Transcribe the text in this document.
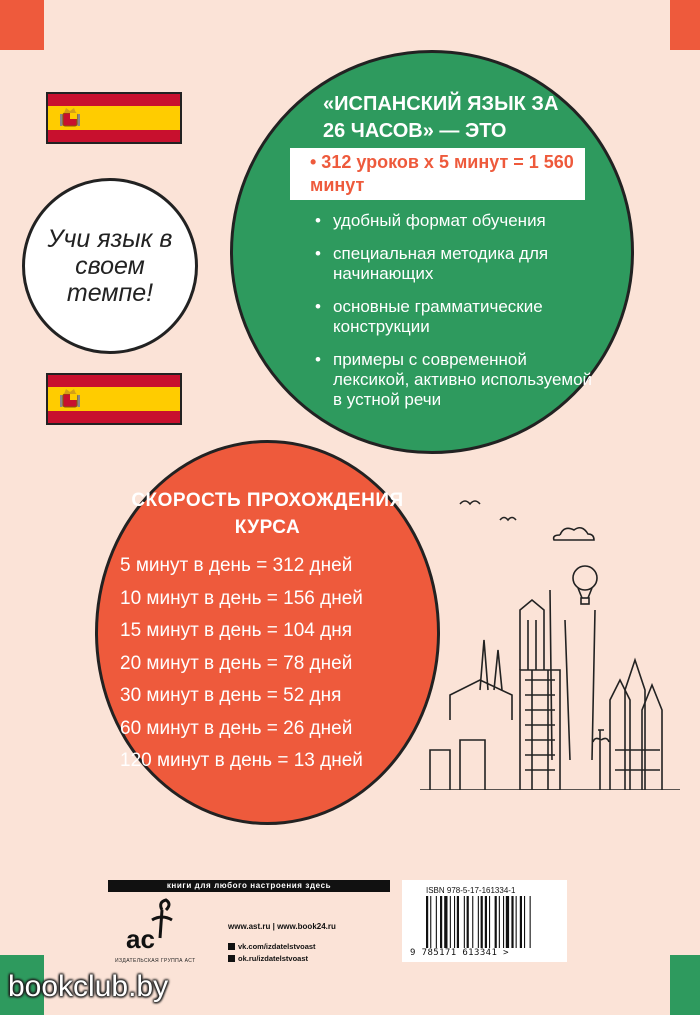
Учи язык в своем темпе!
«ИСПАНСКИЙ ЯЗЫК ЗА 26 ЧАСОВ» — ЭТО
• 312 уроков х 5 минут = 1 560 минут
• удобный формат обучения
• специальная методика для начинающих
• основные грамматические конструкции
• примеры с современной лексикой, активно используемой в устной речи
СКОРОСТЬ ПРОХОЖДЕНИЯ КУРСА
5 минут в день = 312 дней
10 минут в день = 156 дней
15 минут в день = 104 дня
20 минут в день = 78 дней
30 минут в день = 52 дня
60 минут в день = 26 дней
120 минут в день = 13 дней
книги для любого настроения здесь
ac
ИЗДАТЕЛЬСКАЯ ГРУППА АСТ
www.ast.ru | www.book24.ru
vk.com/izdatelstvoast
ok.ru/izdatelstvoast
ISBN 978-5-17-161334-1
9 785171 613341 >
bookclub.by
